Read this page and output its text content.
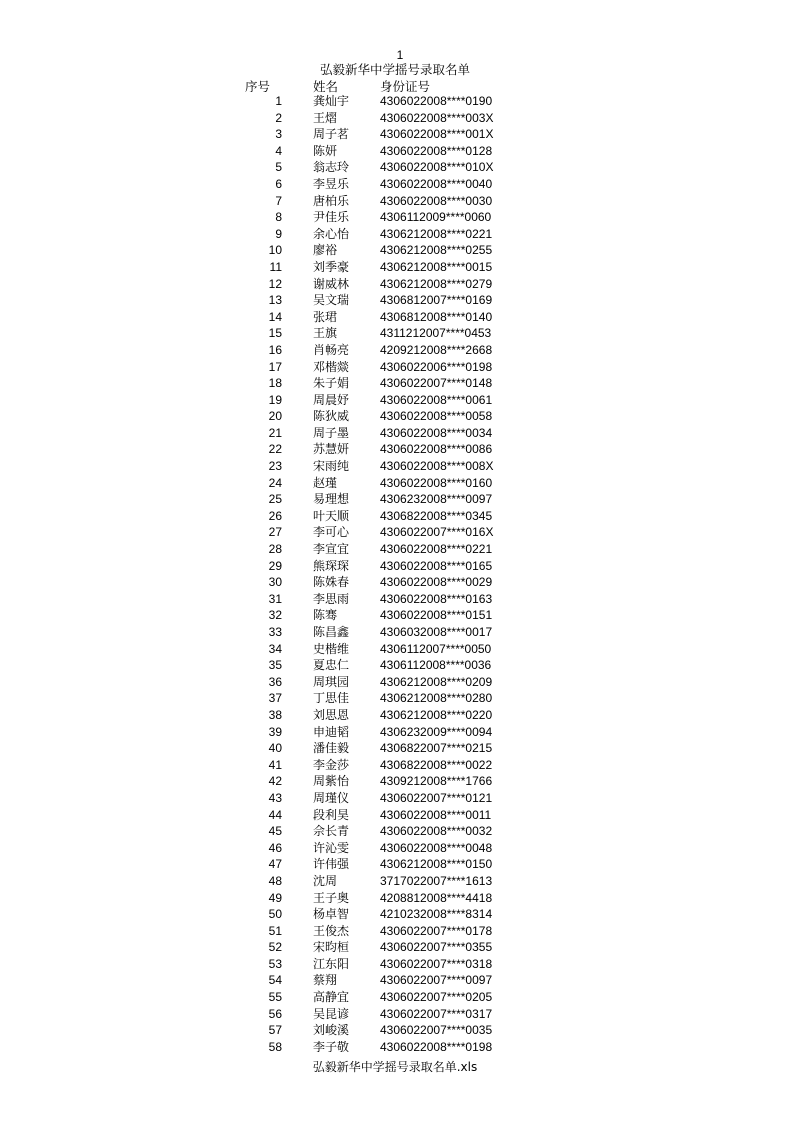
1
弘毅新华中学摇号录取名单
序号	姓名	身份证号
1	龚灿宇	4306022008****0190
2	王熠	4306022008****003X
3	周子茗	4306022008****001X
4	陈妍	4306022008****0128
5	翁志玲	4306022008****010X
6	李昱乐	4306022008****0040
7	唐柏乐	4306022008****0030
8	尹佳乐	4306112009****0060
9	余心怡	4306212008****0221
10	廖裕	4306212008****0255
11	刘季豪	4306212008****0015
12	谢威林	4306212008****0279
13	吴文瑞	4306812007****0169
14	张珺	4306812008****0140
15	王旗	4311212007****0453
16	肖畅亮	4209212008****2668
17	邓楷燚	4306022006****0198
18	朱子娟	4306022007****0148
19	周晨妤	4306022008****0061
20	陈狄威	4306022008****0058
21	周子墨	4306022008****0034
22	苏慧妍	4306022008****0086
23	宋雨纯	4306022008****008X
24	赵瑾	4306022008****0160
25	易理想	4306232008****0097
26	叶天顺	4306822008****0345
27	李可心	4306022007****016X
28	李宣宜	4306022008****0221
29	熊琛琛	4306022008****0165
30	陈姝春	4306022008****0029
31	李思雨	4306022008****0163
32	陈骞	4306022008****0151
33	陈昌鑫	4306032008****0017
34	史楷维	4306112007****0050
35	夏忠仁	4306112008****0036
36	周琪园	4306212008****0209
37	丁思佳	4306212008****0280
38	刘思恩	4306212008****0220
39	申迪韬	4306232009****0094
40	潘佳毅	4306822007****0215
41	李金莎	4306822008****0022
42	周紫怡	4309212008****1766
43	周瑾仪	4306022007****0121
44	段利昊	4306022008****0011
45	佘长青	4306022008****0032
46	许沁雯	4306022008****0048
47	许伟强	4306212008****0150
48	沈周	3717022007****1613
49	王子奥	4208812008****4418
50	杨卓智	4210232008****8314
51	王俊杰	4306022007****0178
52	宋昀桓	4306022007****0355
53	江东阳	4306022007****0318
54	蔡翔	4306022007****0097
55	高静宜	4306022007****0205
56	吴昆谚	4306022007****0317
57	刘峻溪	4306022007****0035
58	李子敬	4306022008****0198
弘毅新华中学摇号录取名单.xls
